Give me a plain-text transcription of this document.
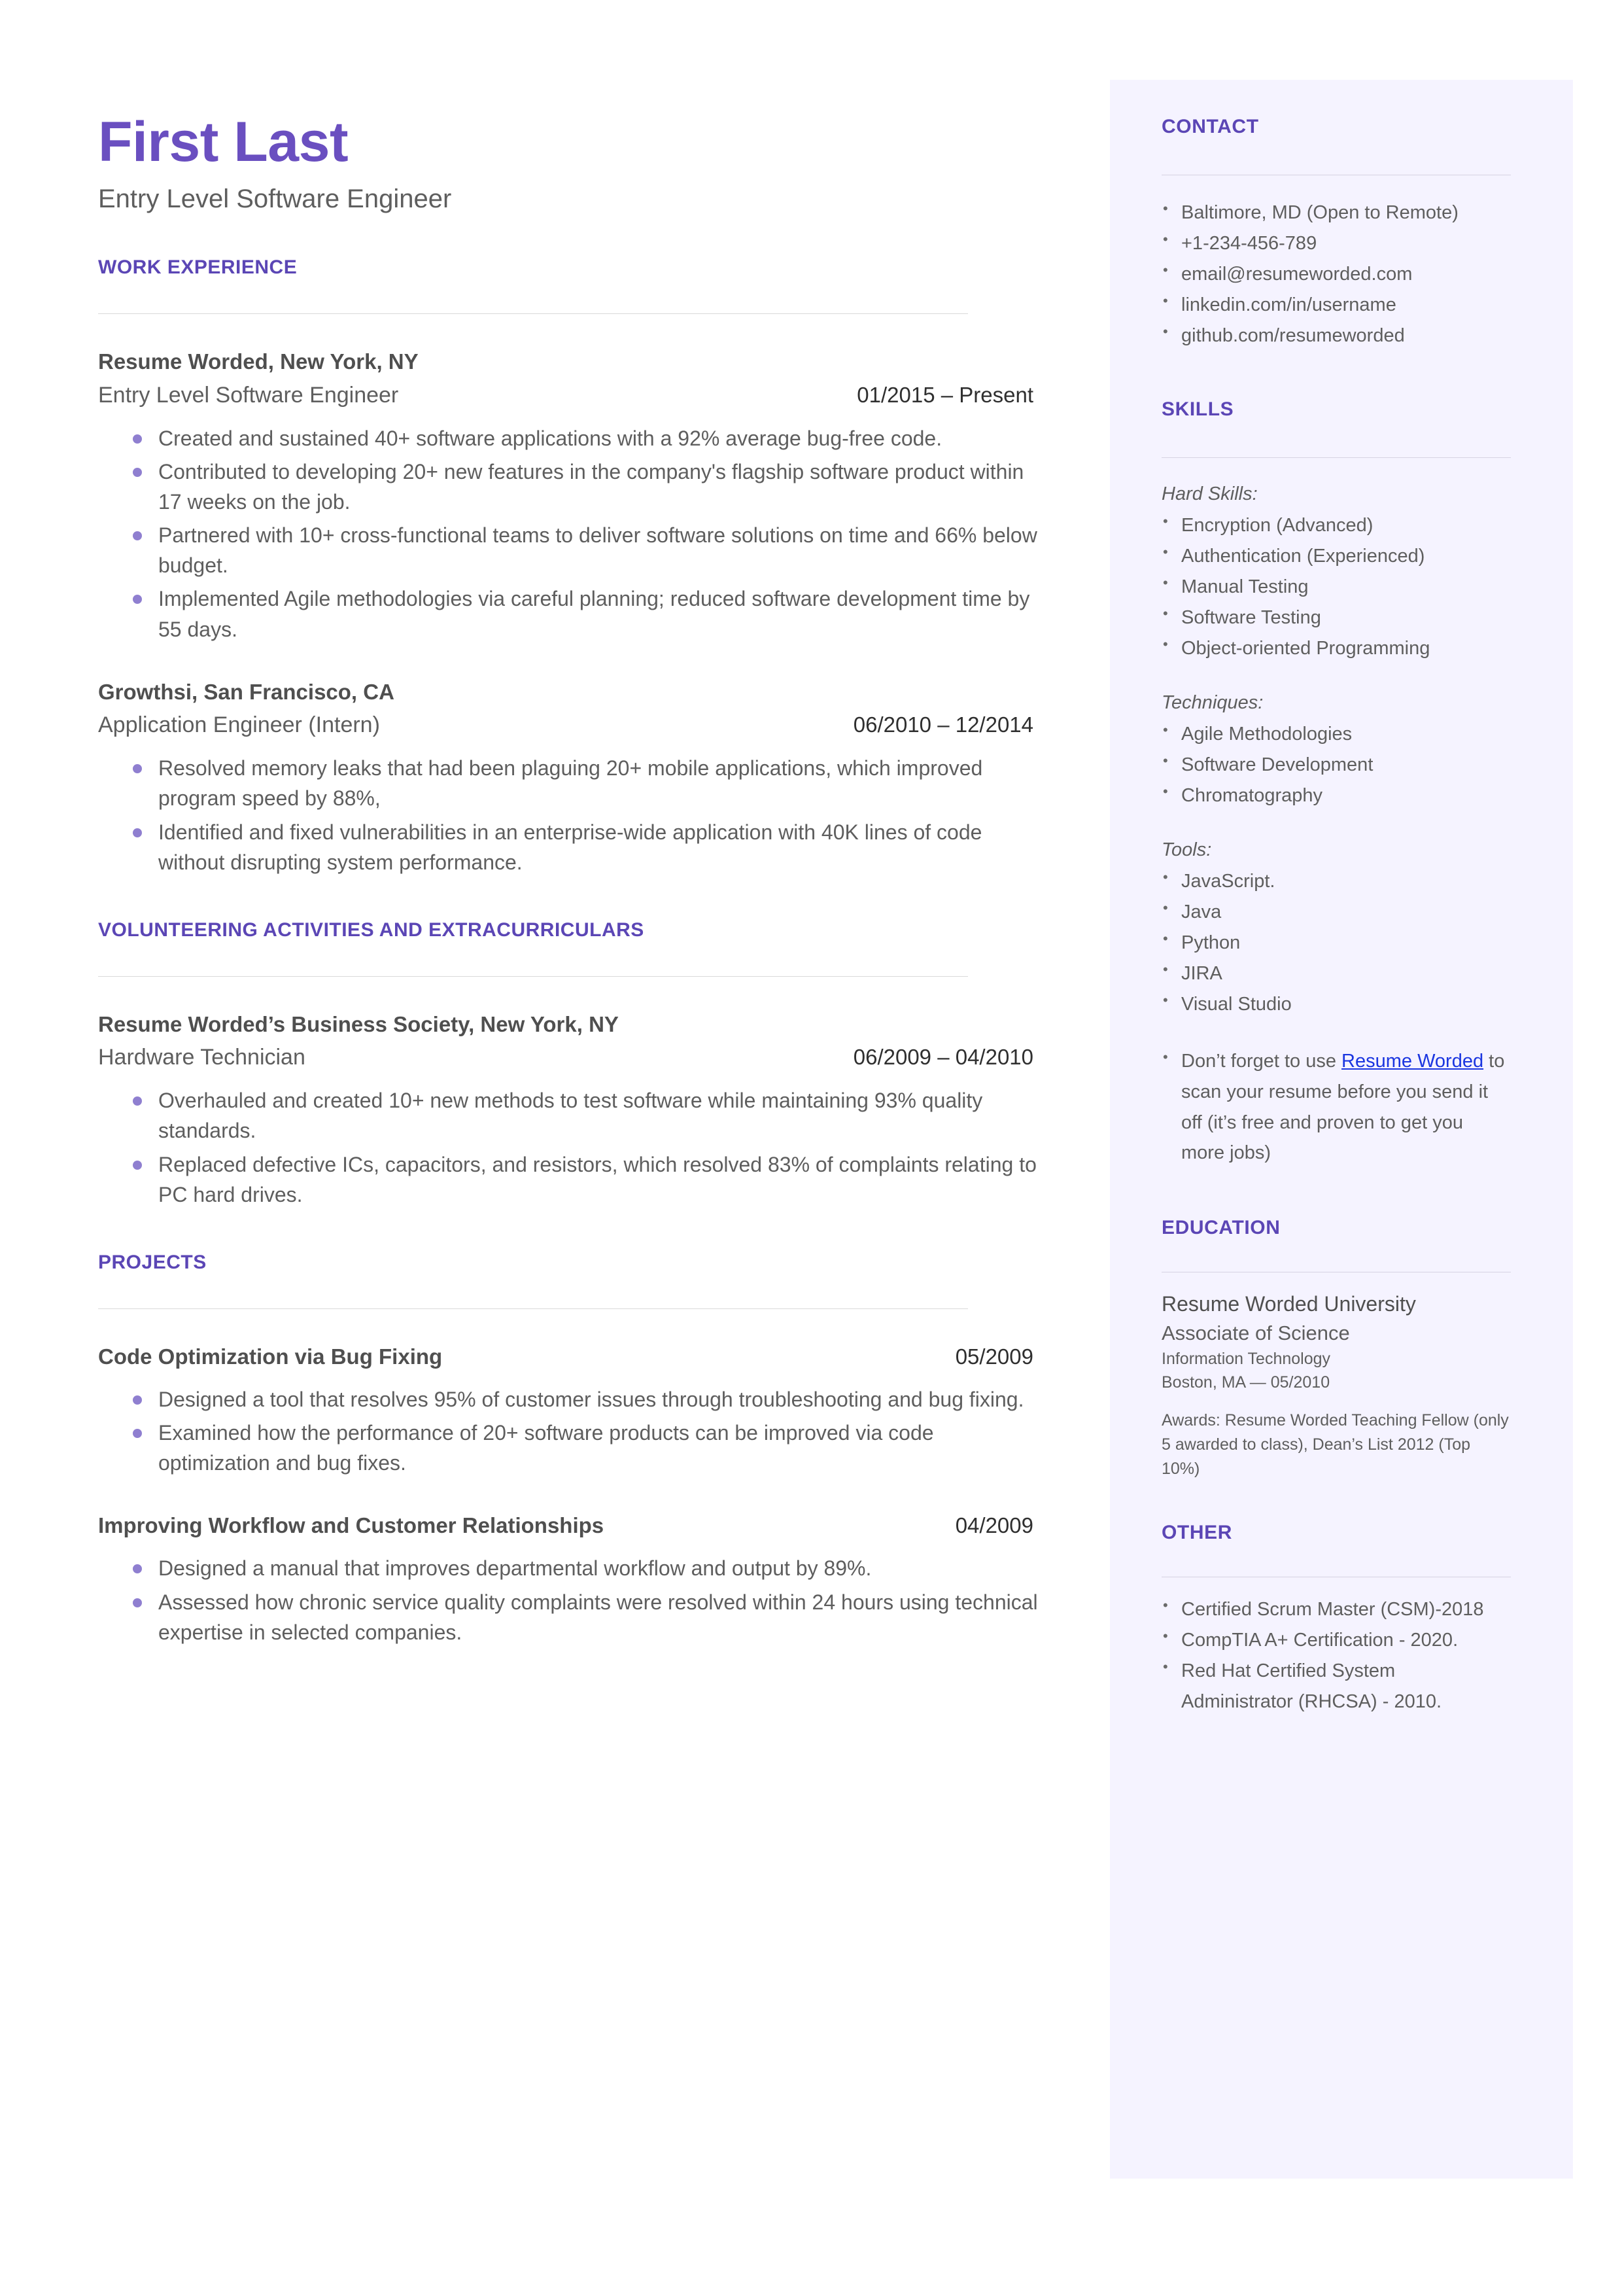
First Last

Entry Level Software Engineer

WORK EXPERIENCE
Resume Worded, New York, NY
Entry Level Software Engineer	01/2015 – Present
Created and sustained 40+ software applications with a 92% average bug-free code.
Contributed to developing 20+ new features in the company's flagship software product within 17 weeks on the job.
Partnered with 10+ cross-functional teams to deliver software solutions on time and 66% below budget.
Implemented Agile methodologies via careful planning; reduced software development time by 55 days.
Growthsi, San Francisco, CA
Application Engineer (Intern)	06/2010 – 12/2014
Resolved memory leaks that had been plaguing 20+ mobile applications, which improved program speed by 88%,
Identified and fixed vulnerabilities in an enterprise-wide application with 40K lines of code without disrupting system performance.
VOLUNTEERING ACTIVITIES AND EXTRACURRICULARS
Resume Worded’s Business Society, New York, NY
Hardware Technician	06/2009 – 04/2010
Overhauled and created 10+ new methods to test software while maintaining 93% quality standards.
Replaced defective ICs, capacitors, and resistors, which resolved 83% of complaints relating to PC hard drives.
PROJECTS
Code Optimization via Bug Fixing	05/2009
Designed a tool that resolves 95% of customer issues through troubleshooting and bug fixing.
Examined how the performance of 20+ software products can be improved via code optimization and bug fixes.
Improving Workflow and Customer Relationships	04/2009
Designed a manual that improves departmental workflow and output by 89%.
Assessed how chronic service quality complaints were resolved within 24 hours using technical expertise in selected companies.
CONTACT
• Baltimore, MD (Open to Remote)
• +1-234-456-789
• email@resumeworded.com
• linkedin.com/in/username
• github.com/resumeworded
SKILLS
Hard Skills:
• Encryption (Advanced)
• Authentication (Experienced)
• Manual Testing
• Software Testing
• Object-oriented Programming
Techniques:
• Agile Methodologies
• Software Development
• Chromatography
Tools:
• JavaScript.
• Java
• Python
• JIRA
• Visual Studio
• Don’t forget to use Resume Worded to scan your resume before you send it off (it’s free and proven to get you more jobs)
EDUCATION

Resume Worded University

Associate of Science

Information Technology

Boston, MA — 05/2010

Awards: Resume Worded Teaching Fellow (only 5 awarded to class), Dean’s List 2012 (Top 10%)

OTHER
• Certified Scrum Master (CSM)-2018
• CompTIA A+ Certification - 2020.
• Red Hat Certified System Administrator (RHCSA) - 2010.
